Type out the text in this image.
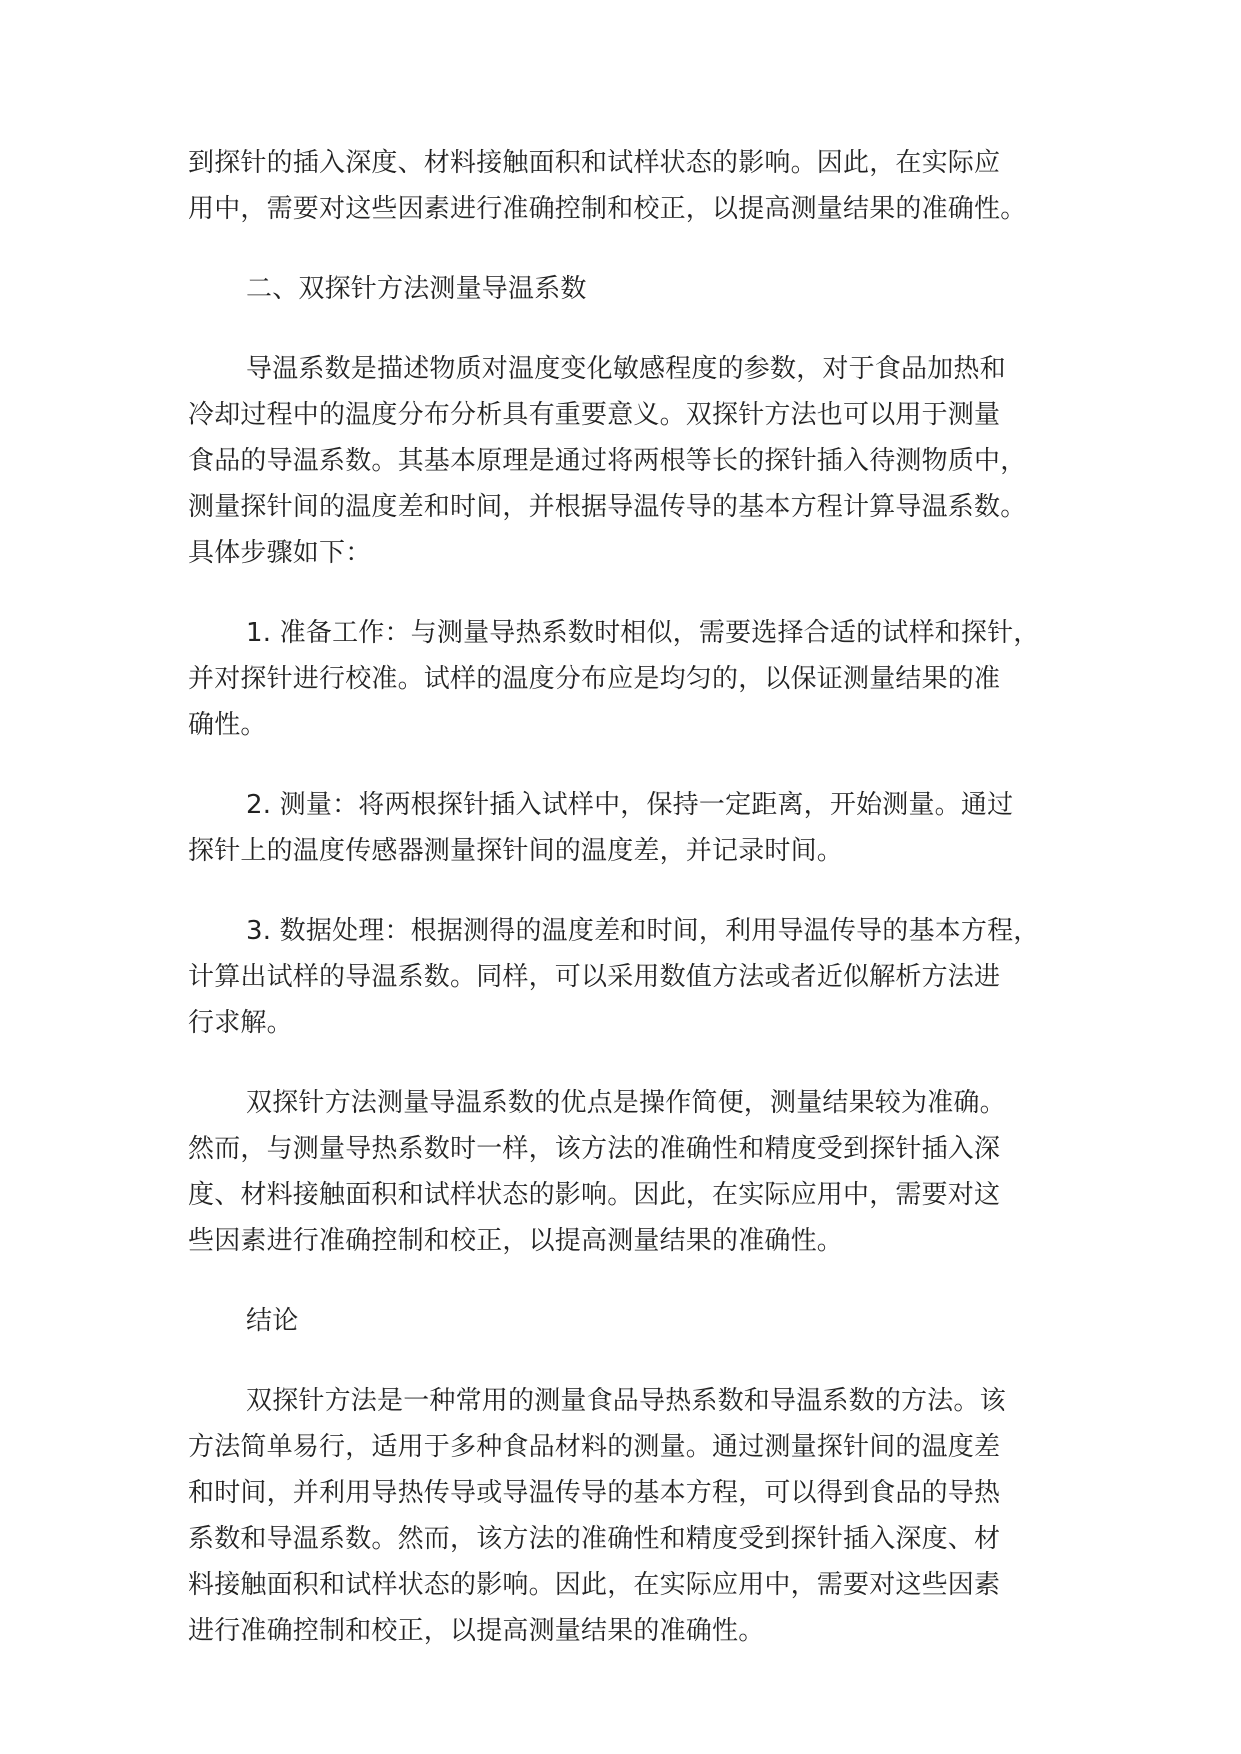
到探针的插入深度、材料接触面积和试样状态的影响。因此，在实际应
用中，需要对这些因素进行准确控制和校正，以提高测量结果的准确性。

二、双探针方法测量导温系数

导温系数是描述物质对温度变化敏感程度的参数，对于食品加热和
冷却过程中的温度分布分析具有重要意义。双探针方法也可以用于测量
食品的导温系数。其基本原理是通过将两根等长的探针插入待测物质中，
测量探针间的温度差和时间，并根据导温传导的基本方程计算导温系数。
具体步骤如下：

1. 准备工作：与测量导热系数时相似，需要选择合适的试样和探针，
并对探针进行校准。试样的温度分布应是均匀的，以保证测量结果的准
确性。

2. 测量：将两根探针插入试样中，保持一定距离，开始测量。通过
探针上的温度传感器测量探针间的温度差，并记录时间。

3. 数据处理：根据测得的温度差和时间，利用导温传导的基本方程，
计算出试样的导温系数。同样，可以采用数值方法或者近似解析方法进
行求解。

双探针方法测量导温系数的优点是操作简便，测量结果较为准确。
然而，与测量导热系数时一样，该方法的准确性和精度受到探针插入深
度、材料接触面积和试样状态的影响。因此，在实际应用中，需要对这
些因素进行准确控制和校正，以提高测量结果的准确性。

结论

双探针方法是一种常用的测量食品导热系数和导温系数的方法。该
方法简单易行，适用于多种食品材料的测量。通过测量探针间的温度差
和时间，并利用导热传导或导温传导的基本方程，可以得到食品的导热
系数和导温系数。然而，该方法的准确性和精度受到探针插入深度、材
料接触面积和试样状态的影响。因此，在实际应用中，需要对这些因素
进行准确控制和校正，以提高测量结果的准确性。
